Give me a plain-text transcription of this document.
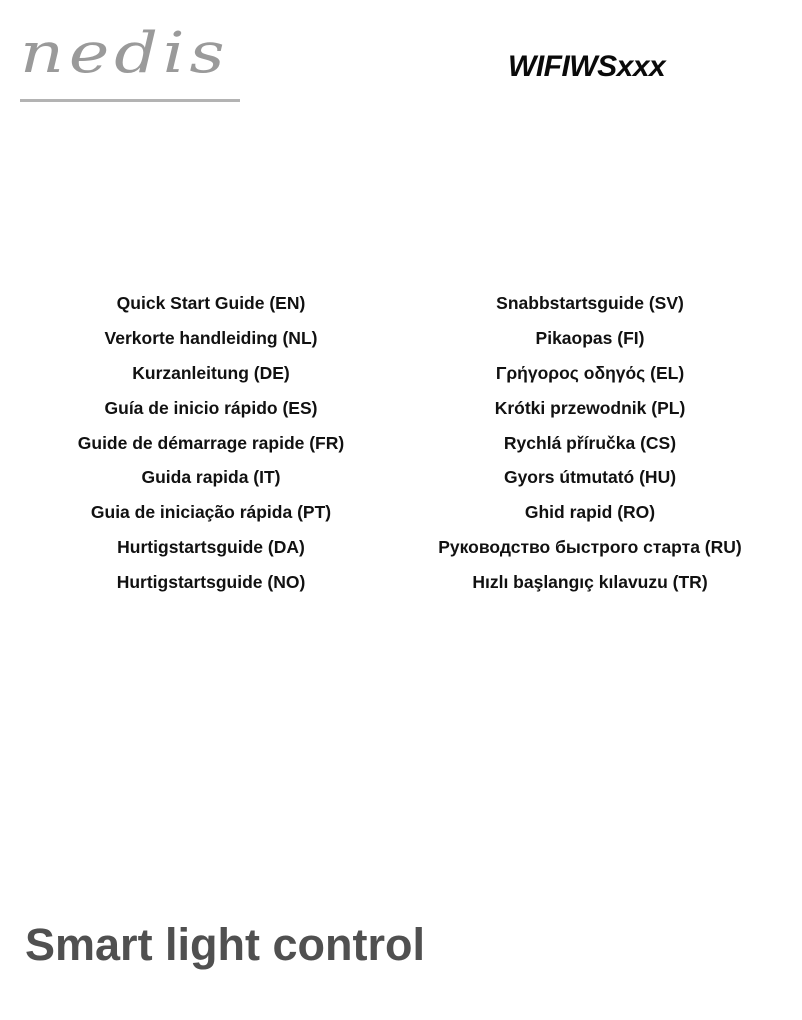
nedis	WIFIWSxxx
Quick Start Guide (EN)
Verkorte handleiding (NL)
Kurzanleitung (DE)
Guía de inicio rápido (ES)
Guide de démarrage rapide (FR)
Guida rapida (IT)
Guia de iniciação rápida (PT)
Hurtigstartsguide (DA)
Hurtigstartsguide (NO)
Snabbstartsguide (SV)
Pikaopas (FI)
Γρήγορος οδηγός (EL)
Krótki przewodnik (PL)
Rychlá příručka (CS)
Gyors útmutató (HU)
Ghid rapid (RO)
Руководство быстрого старта (RU)
Hızlı başlangıç kılavuzu (TR)
Smart light control
